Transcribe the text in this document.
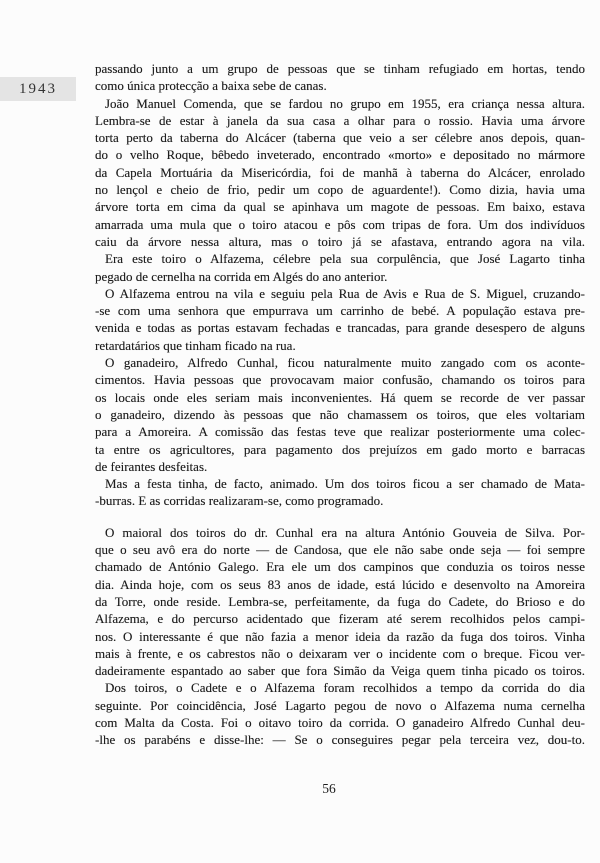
1943
passando junto a um grupo de pessoas que se tinham refugiado em hortas, tendo
como única protecção a baixa sebe de canas.
João Manuel Comenda, que se fardou no grupo em 1955, era criança nessa altura.
Lembra-se de estar à janela da sua casa a olhar para o rossio. Havia uma árvore
torta perto da taberna do Alcácer (taberna que veio a ser célebre anos depois, quan-
do o velho Roque, bêbedo inveterado, encontrado «morto» e depositado no mármore
da Capela Mortuária da Misericórdia, foi de manhã à taberna do Alcácer, enrolado
no lençol e cheio de frio, pedir um copo de aguardente!). Como dizia, havia uma
árvore torta em cima da qual se apinhava um magote de pessoas. Em baixo, estava
amarrada uma mula que o toiro atacou e pôs com tripas de fora. Um dos indivíduos
caiu da árvore nessa altura, mas o toiro já se afastava, entrando agora na vila.
Era este toiro o Alfazema, célebre pela sua corpulência, que José Lagarto tinha
pegado de cernelha na corrida em Algés do ano anterior.
O Alfazema entrou na vila e seguiu pela Rua de Avis e Rua de S. Miguel, cruzando-
-se com uma senhora que empurrava um carrinho de bebé. A população estava pre-
venida e todas as portas estavam fechadas e trancadas, para grande desespero de alguns
retardatários que tinham ficado na rua.
O ganadeiro, Alfredo Cunhal, ficou naturalmente muito zangado com os aconte-
cimentos. Havia pessoas que provocavam maior confusão, chamando os toiros para
os locais onde eles seriam mais inconvenientes. Há quem se recorde de ver passar
o ganadeiro, dizendo às pessoas que não chamassem os toiros, que eles voltariam
para a Amoreira. A comissão das festas teve que realizar posteriormente uma colec-
ta entre os agricultores, para pagamento dos prejuízos em gado morto e barracas
de feirantes desfeitas.
Mas a festa tinha, de facto, animado. Um dos toiros ficou a ser chamado de Mata-
-burras. E as corridas realizaram-se, como programado.
O maioral dos toiros do dr. Cunhal era na altura António Gouveia de Silva. Por-
que o seu avô era do norte — de Candosa, que ele não sabe onde seja — foi sempre
chamado de António Galego. Era ele um dos campinos que conduzia os toiros nesse
dia. Ainda hoje, com os seus 83 anos de idade, está lúcido e desenvolto na Amoreira
da Torre, onde reside. Lembra-se, perfeitamente, da fuga do Cadete, do Brioso e do
Alfazema, e do percurso acidentado que fizeram até serem recolhidos pelos campi-
nos. O interessante é que não fazia a menor ideia da razão da fuga dos toiros. Vinha
mais à frente, e os cabrestos não o deixaram ver o incidente com o breque. Ficou ver-
dadeiramente espantado ao saber que fora Simão da Veiga quem tinha picado os toiros.
Dos toiros, o Cadete e o Alfazema foram recolhidos a tempo da corrida do dia
seguinte. Por coincidência, José Lagarto pegou de novo o Alfazema numa cernelha
com Malta da Costa. Foi o oitavo toiro da corrida. O ganadeiro Alfredo Cunhal deu-
-lhe os parabéns e disse-lhe: — Se o conseguires pegar pela terceira vez, dou-to.
56
